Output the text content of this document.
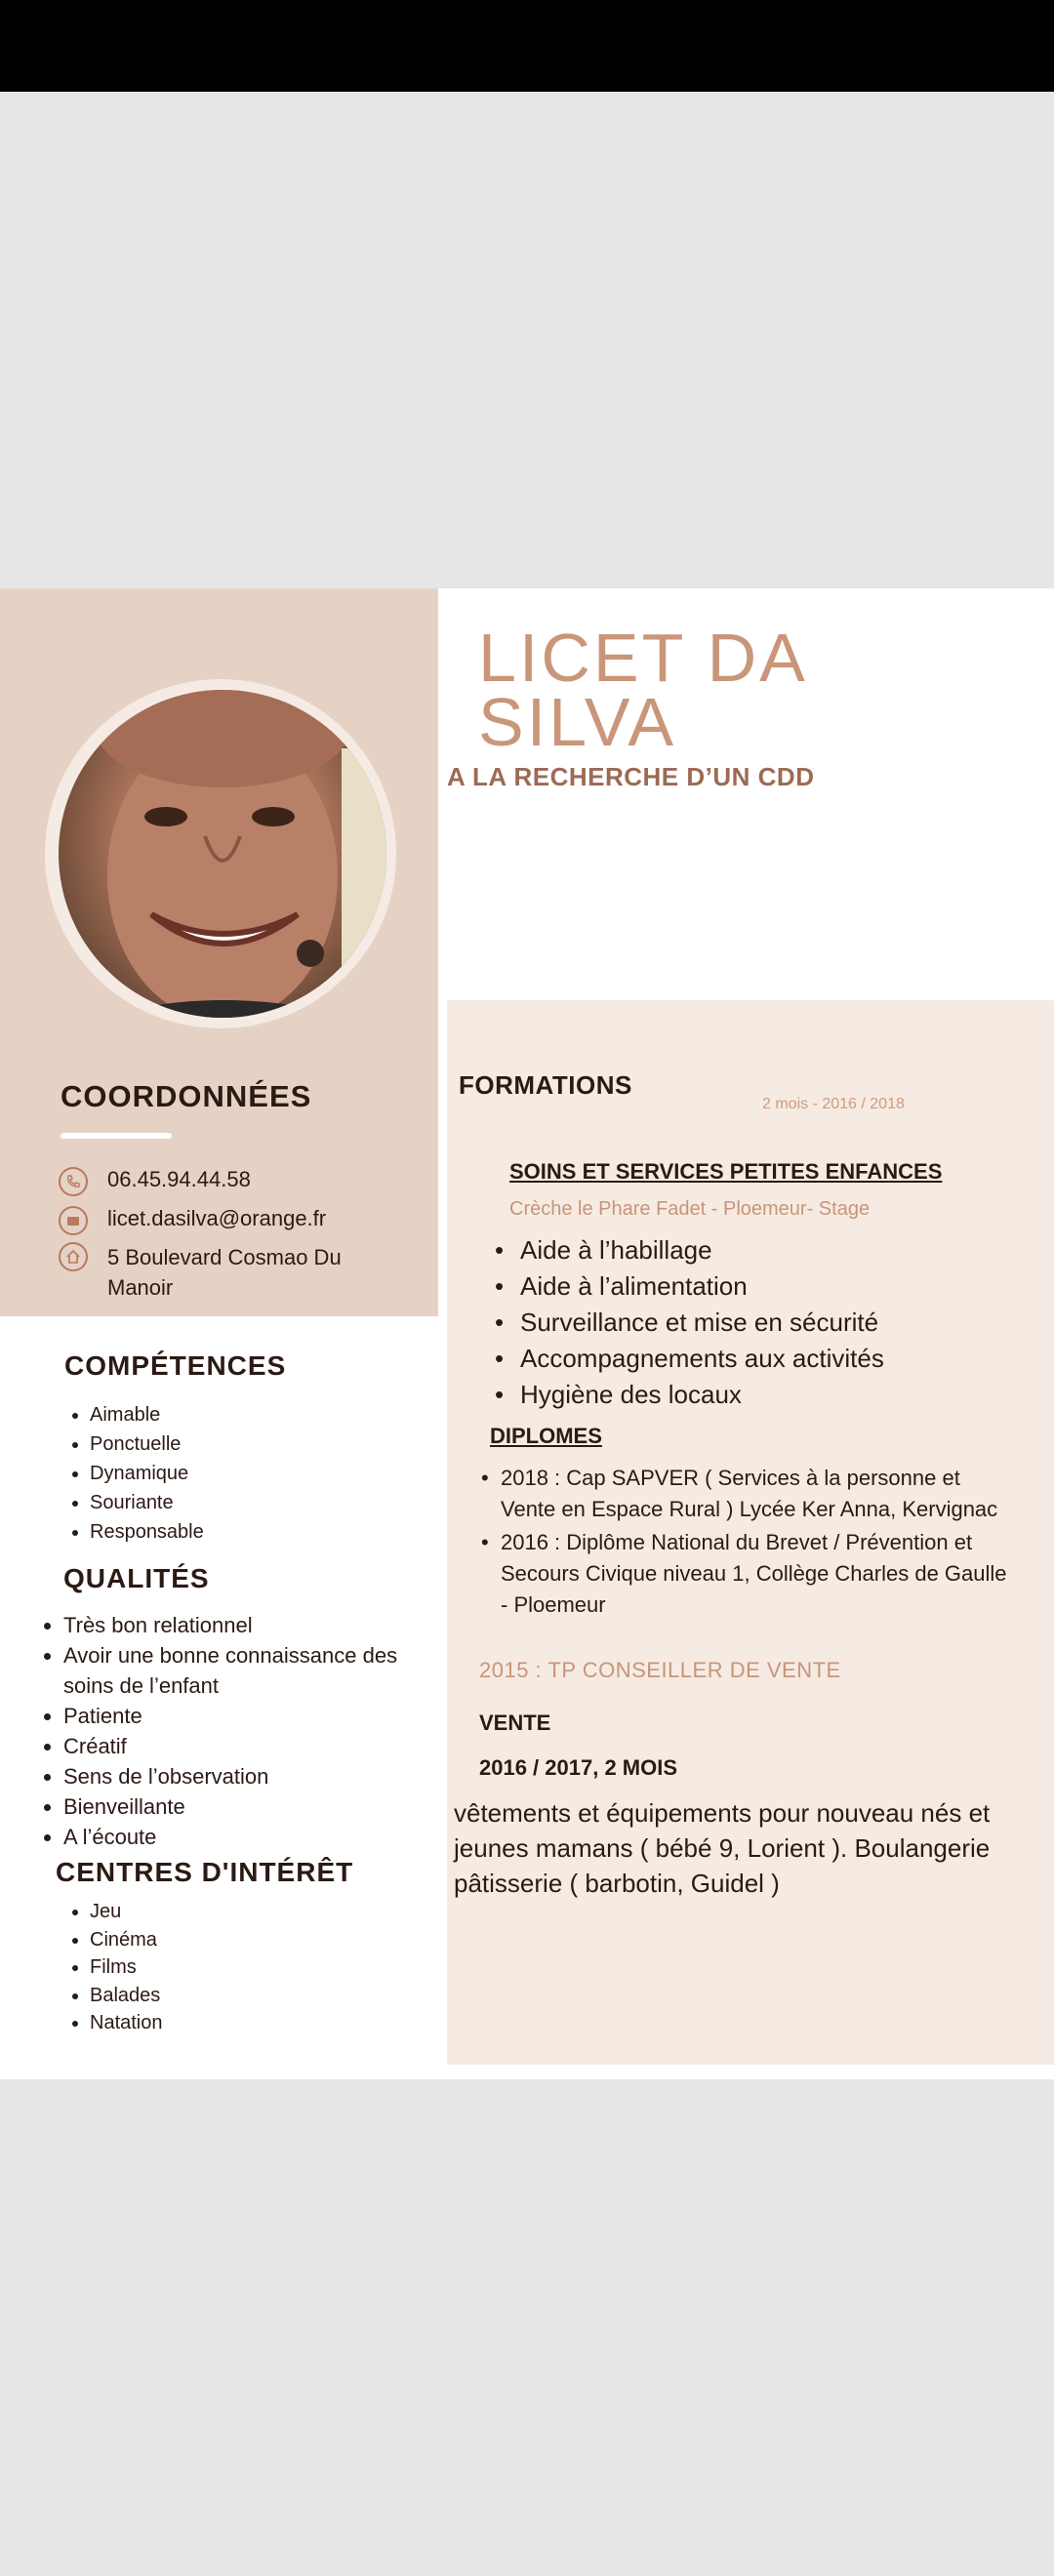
LICET DA
SILVA
A LA RECHERCHE D’UN CDD
COORDONNÉES
06.45.94.44.58
licet.dasilva@orange.fr
5 Boulevard Cosmao Du Manoir
COMPÉTENCES
• Aimable
• Ponctuelle
• Dynamique
• Souriante
• Responsable
QUALITÉS
• Très bon relationnel
• Avoir une bonne connaissance des soins de l’enfant
• Patiente
• Créatif
• Sens de l’observation
• Bienveillante
• A l’écoute
CENTRES D'INTÉRÊT
• Jeu
• Cinéma
• Films
• Balades
• Natation
FORMATIONS
2 mois - 2016 / 2018
SOINS ET SERVICES PETITES ENFANCES
Crèche le Phare Fadet - Ploemeur- Stage
• Aide à l’habillage
• Aide à l’alimentation
• Surveillance et mise en sécurité
• Accompagnements aux activités
• Hygiène des locaux
DIPLOMES
• 2018 : Cap SAPVER ( Services à la personne et Vente en Espace Rural ) Lycée Ker Anna, Kervignac
• 2016 : Diplôme National du Brevet / Prévention et Secours Civique niveau 1, Collège Charles de Gaulle - Ploemeur
2015 : TP CONSEILLER DE VENTE
VENTE
2016 / 2017, 2 MOIS
vêtements et équipements pour nouveau nés et jeunes mamans ( bébé 9, Lorient ). Boulangerie pâtisserie ( barbotin, Guidel )
